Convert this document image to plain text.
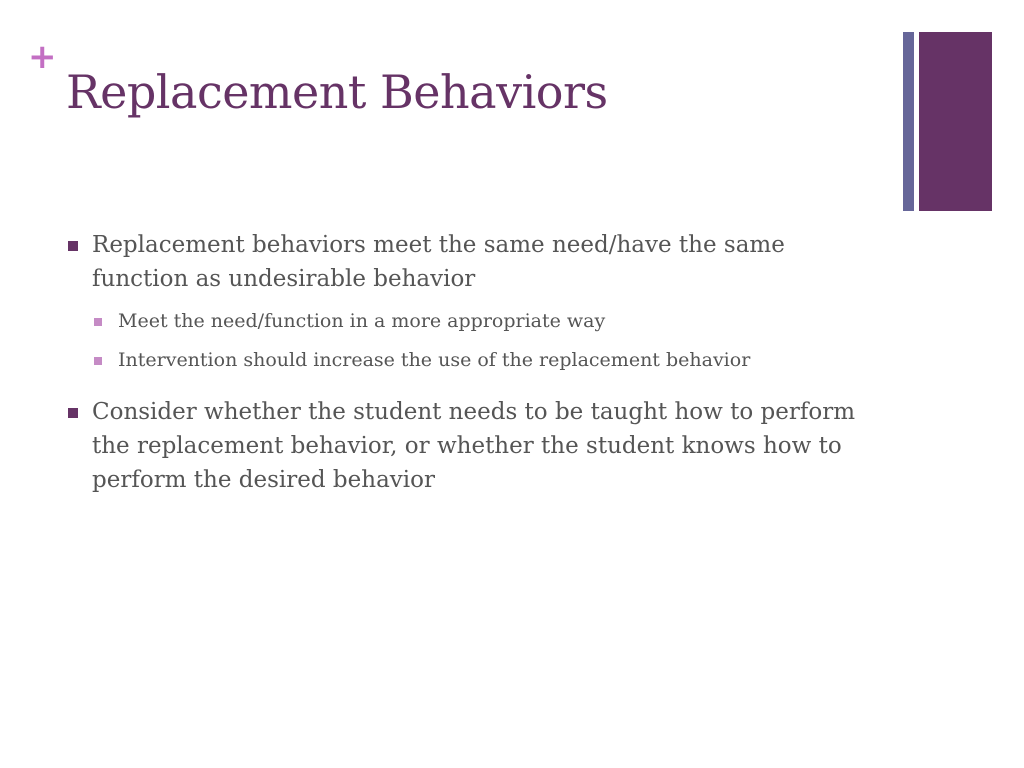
+
Replacement Behaviors
Replacement behaviors meet the same need/have the same function as undesirable behavior
Meet the need/function in a more appropriate way
Intervention should increase the use of the replacement behavior
Consider whether the student needs to be taught how to perform the replacement behavior, or whether the student knows how to perform the desired behavior
